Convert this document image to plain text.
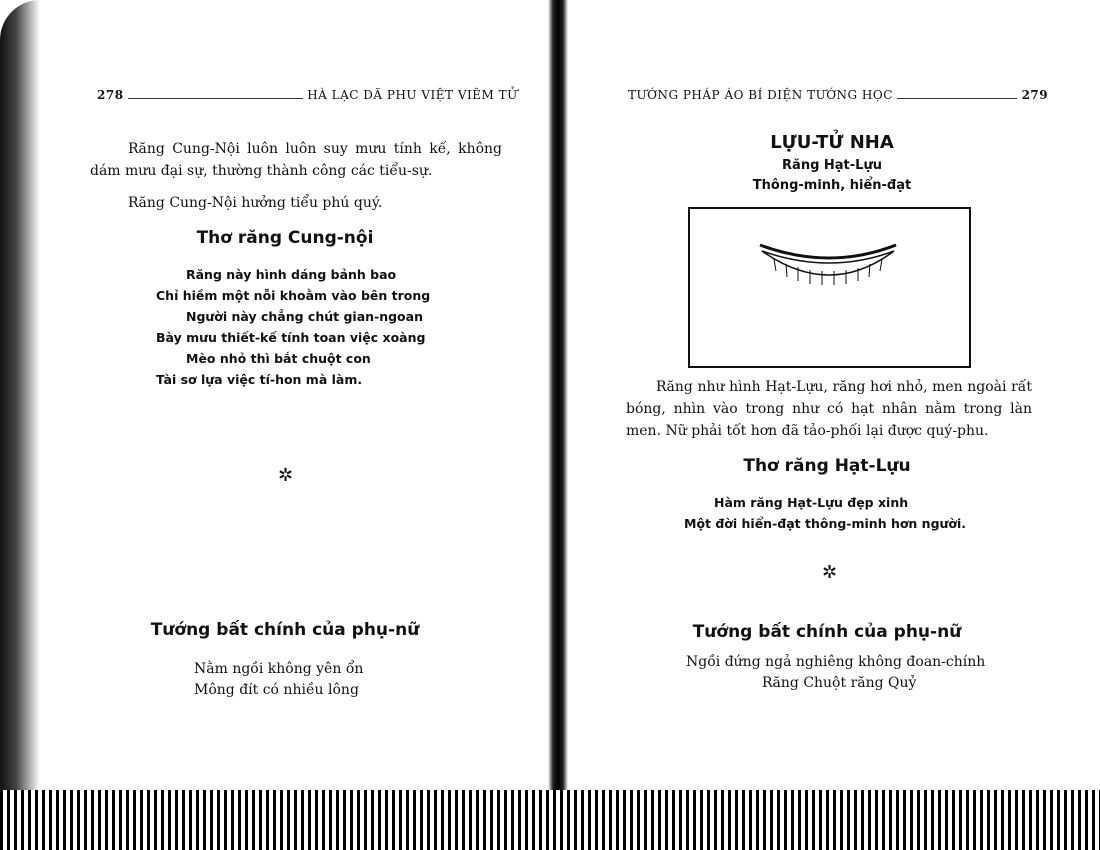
278	HÀ LẠC DÃ PHU VIỆT VIÊM TỬ
Răng Cung-Nội luôn luôn suy mưu tính kế, không dám mưu đại sự, thường thành công các tiểu-sự.
Răng Cung-Nội hưởng tiểu phú quý.
Thơ răng Cung-nội
Răng này hình dáng bảnh bao
Chỉ hiềm một nỗi khoằm vào bên trong
Người này chẳng chút gian-ngoan
Bày mưu thiết-kế tính toan việc xoàng
Mèo nhỏ thì bắt chuột con
Tài sơ lựa việc tí-hon mà làm.
✲
Tướng bất chính của phụ-nữ
Nằm ngồi không yên ổn
Mông đít có nhiều lông
TƯỚNG PHÁP ÁO BÍ DIỆN TƯỚNG HỌC	279
LỰU-TỬ NHA
Răng Hạt-Lựu
Thông-minh, hiển-đạt
Răng như hình Hạt-Lựu, răng hơi nhỏ, men ngoài rất bóng, nhìn vào trong như có hạt nhân nằm trong làn men. Nữ phải tốt hơn đã tảo-phối lại được quý-phu.
Thơ răng Hạt-Lựu
Hàm răng Hạt-Lựu đẹp xinh
Một đời hiển-đạt thông-minh hơn người.
✲
Tướng bất chính của phụ-nữ
Ngồi đứng ngả nghiêng không đoan-chính
Răng Chuột răng Quỷ
